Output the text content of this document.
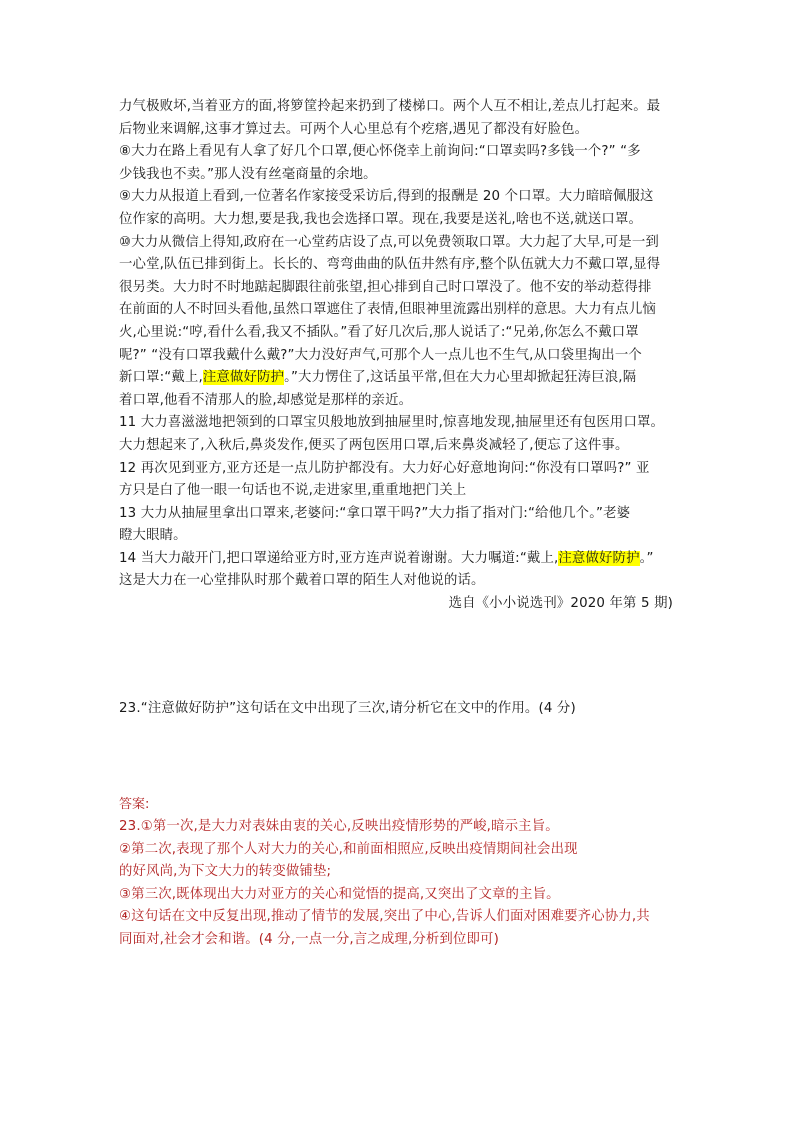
力气极败坏,当着亚方的面,将箩筐拎起来扔到了楼梯口。两个人互不相让,差点儿打起来。最
后物业来调解,这事才算过去。可两个人心里总有个疙瘩,遇见了都没有好脸色。
⑧大力在路上看见有人拿了好几个口罩,便心怀侥幸上前询问:“口罩卖吗?多钱一个?” “多
少钱我也不卖。”那人没有丝毫商量的余地。
⑨大力从报道上看到,一位著名作家接受采访后,得到的报酬是 20 个口罩。大力暗暗佩服这
位作家的高明。大力想,要是我,我也会选择口罩。现在,我要是送礼,啥也不送,就送口罩。
⑩大力从微信上得知,政府在一心堂药店设了点,可以免费领取口罩。大力起了大早,可是一到
一心堂,队伍已排到街上。长长的、弯弯曲曲的队伍井然有序,整个队伍就大力不戴口罩,显得
很另类。大力时不时地踮起脚跟往前张望,担心排到自己时口罩没了。他不安的举动惹得排
在前面的人不时回头看他,虽然口罩遮住了表情,但眼神里流露出别样的意思。大力有点儿恼
火,心里说:“哼,看什么看,我又不插队。”看了好几次后,那人说话了:“兄弟,你怎么不戴口罩
呢?” “没有口罩我戴什么戴?”大力没好声气,可那个人一点儿也不生气,从口袋里掏出一个
新口罩:“戴上,注意做好防护。”大力愣住了,这话虽平常,但在大力心里却掀起狂涛巨浪,隔
着口罩,他看不清那人的脸,却感觉是那样的亲近。
11 大力喜滋滋地把领到的口罩宝贝般地放到抽屉里时,惊喜地发现,抽屉里还有包医用口罩。
大力想起来了,入秋后,鼻炎发作,便买了两包医用口罩,后来鼻炎减轻了,便忘了这件事。
12 再次见到亚方,亚方还是一点儿防护都没有。大力好心好意地询问:“你没有口罩吗?” 亚
方只是白了他一眼一句话也不说,走进家里,重重地把门关上
13 大力从抽屉里拿出口罩来,老婆问:“拿口罩干吗?”大力指了指对门:“给他几个。”老婆
瞪大眼睛。
14 当大力敲开门,把口罩递给亚方时,亚方连声说着谢谢。大力嘱道:“戴上,注意做好防护。”
这是大力在一心堂排队时那个戴着口罩的陌生人对他说的话。
选自《小小说选刊》2020 年第 5 期)
23.“注意做好防护”这句话在文中出现了三次,请分析它在文中的作用。(4 分)
答案:
23.①第一次,是大力对表妹由衷的关心,反映出疫情形势的严峻,暗示主旨。
②第二次,表现了那个人对大力的关心,和前面相照应,反映出疫情期间社会出现
的好风尚,为下文大力的转变做铺垫;
③第三次,既体现出大力对亚方的关心和觉悟的提高,又突出了文章的主旨。
④这句话在文中反复出现,推动了情节的发展,突出了中心,告诉人们面对困难要齐心协力,共
同面对,社会才会和谐。(4 分,一点一分,言之成理,分析到位即可)
